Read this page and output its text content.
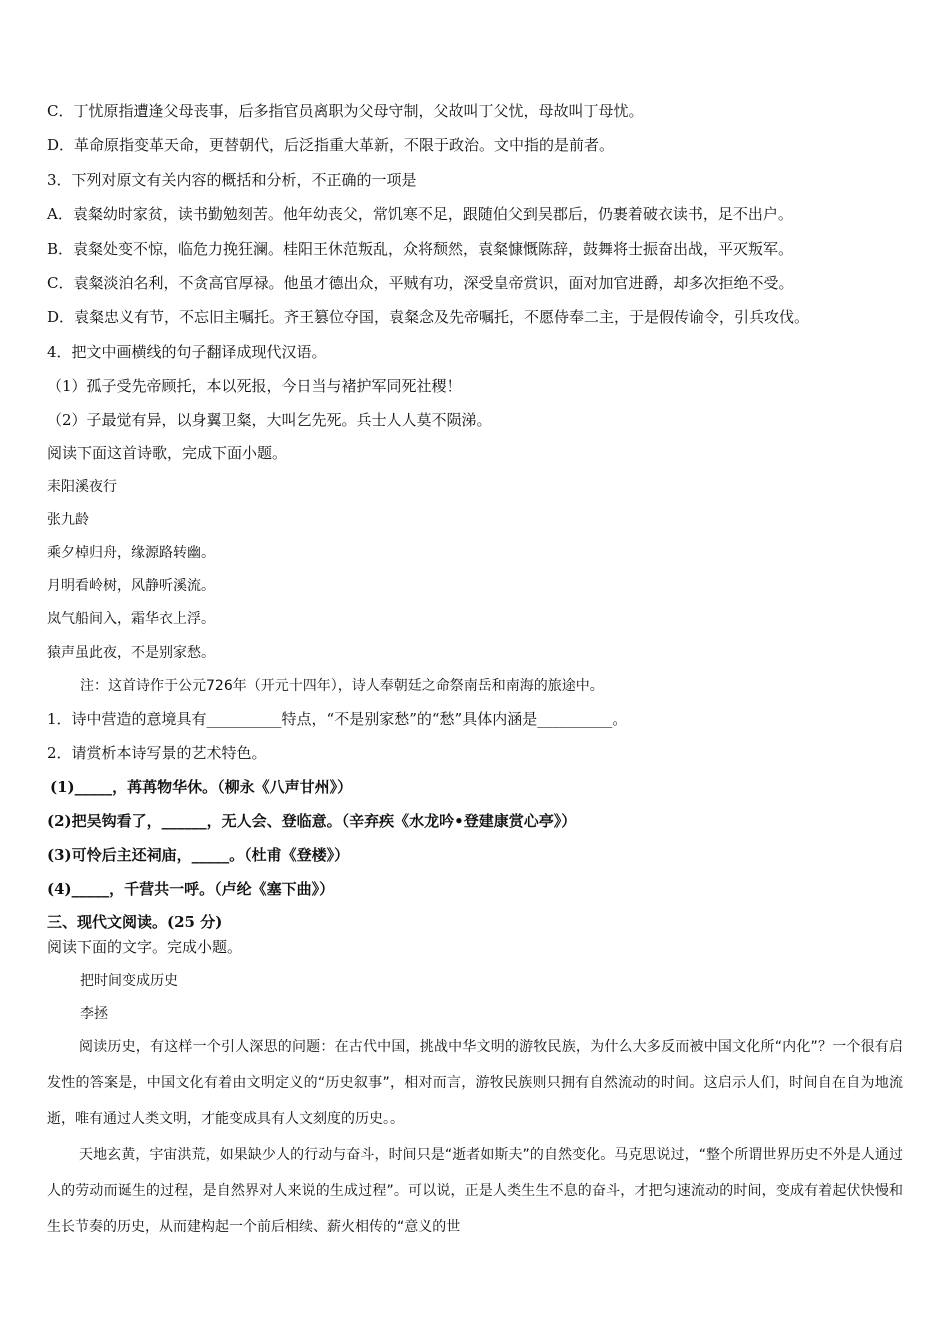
C．丁忧原指遭逢父母丧事，后多指官员离职为父母守制，父故叫丁父忧，母故叫丁母忧。
D．革命原指变革天命，更替朝代，后泛指重大革新，不限于政治。文中指的是前者。
3．下列对原文有关内容的概括和分析，不正确的一项是
A．袁粲幼时家贫，读书勤勉刻苦。他年幼丧父，常饥寒不足，跟随伯父到吴郡后，仍裹着破衣读书，足不出户。
B．袁粲处变不惊，临危力挽狂澜。桂阳王休范叛乱，众将颓然，袁粲慷慨陈辞，鼓舞将士振奋出战，平灭叛军。
C．袁粲淡泊名利，不贪高官厚禄。他虽才德出众，平贼有功，深受皇帝赏识，面对加官进爵，却多次拒绝不受。
D．袁粲忠义有节，不忘旧主嘱托。齐王篡位夺国，袁粲念及先帝嘱托，不愿侍奉二主，于是假传谕令，引兵攻伐。
4．把文中画横线的句子翻译成现代汉语。
（1）孤子受先帝顾托，本以死报，今日当与褚护军同死社稷！
（2）子最觉有异，以身翼卫粲，大叫乞先死。兵士人人莫不陨涕。
阅读下面这首诗歌，完成下面小题。
耒阳溪夜行
张九龄
乘夕棹归舟，缘源路转幽。
月明看岭树，风静听溪流。
岚气船间入，霜华衣上浮。
猿声虽此夜，不是别家愁。
注：这首诗作于公元726年（开元十四年），诗人奉朝廷之命祭南岳和南海的旅途中。
1．诗中营造的意境具有__________特点，“不是别家愁”的“愁”具体内涵是__________。
2．请赏析本诗写景的艺术特色。
(1)_____，苒苒物华休。（柳永《八声甘州》）
(2)把吴钩看了，______，无人会、登临意。（辛弃疾《水龙吟•登建康赏心亭》）
(3)可怜后主还祠庙，_____。（杜甫《登楼》）
(4)_____，千营共一呼。（卢纶《塞下曲》）
三、现代文阅读。(25 分)
阅读下面的文字。完成小题。
把时间变成历史
李拯
阅读历史，有这样一个引人深思的问题：在古代中国，挑战中华文明的游牧民族，为什么大多反而被中国文化所“内化”？一个很有启发性的答案是，中国文化有着由文明定义的“历史叙事”，相对而言，游牧民族则只拥有自然流动的时间。这启示人们，时间自在自为地流逝，唯有通过人类文明，才能变成具有人文刻度的历史。。
天地玄黄，宇宙洪荒，如果缺少人的行动与奋斗，时间只是“逝者如斯夫”的自然变化。马克思说过，“整个所谓世界历史不外是人通过人的劳动而诞生的过程，是自然界对人来说的生成过程”。可以说，正是人类生生不息的奋斗，才把匀速流动的时间，变成有着起伏快慢和生长节奏的历史，从而建构起一个前后相续、薪火相传的“意义的世
